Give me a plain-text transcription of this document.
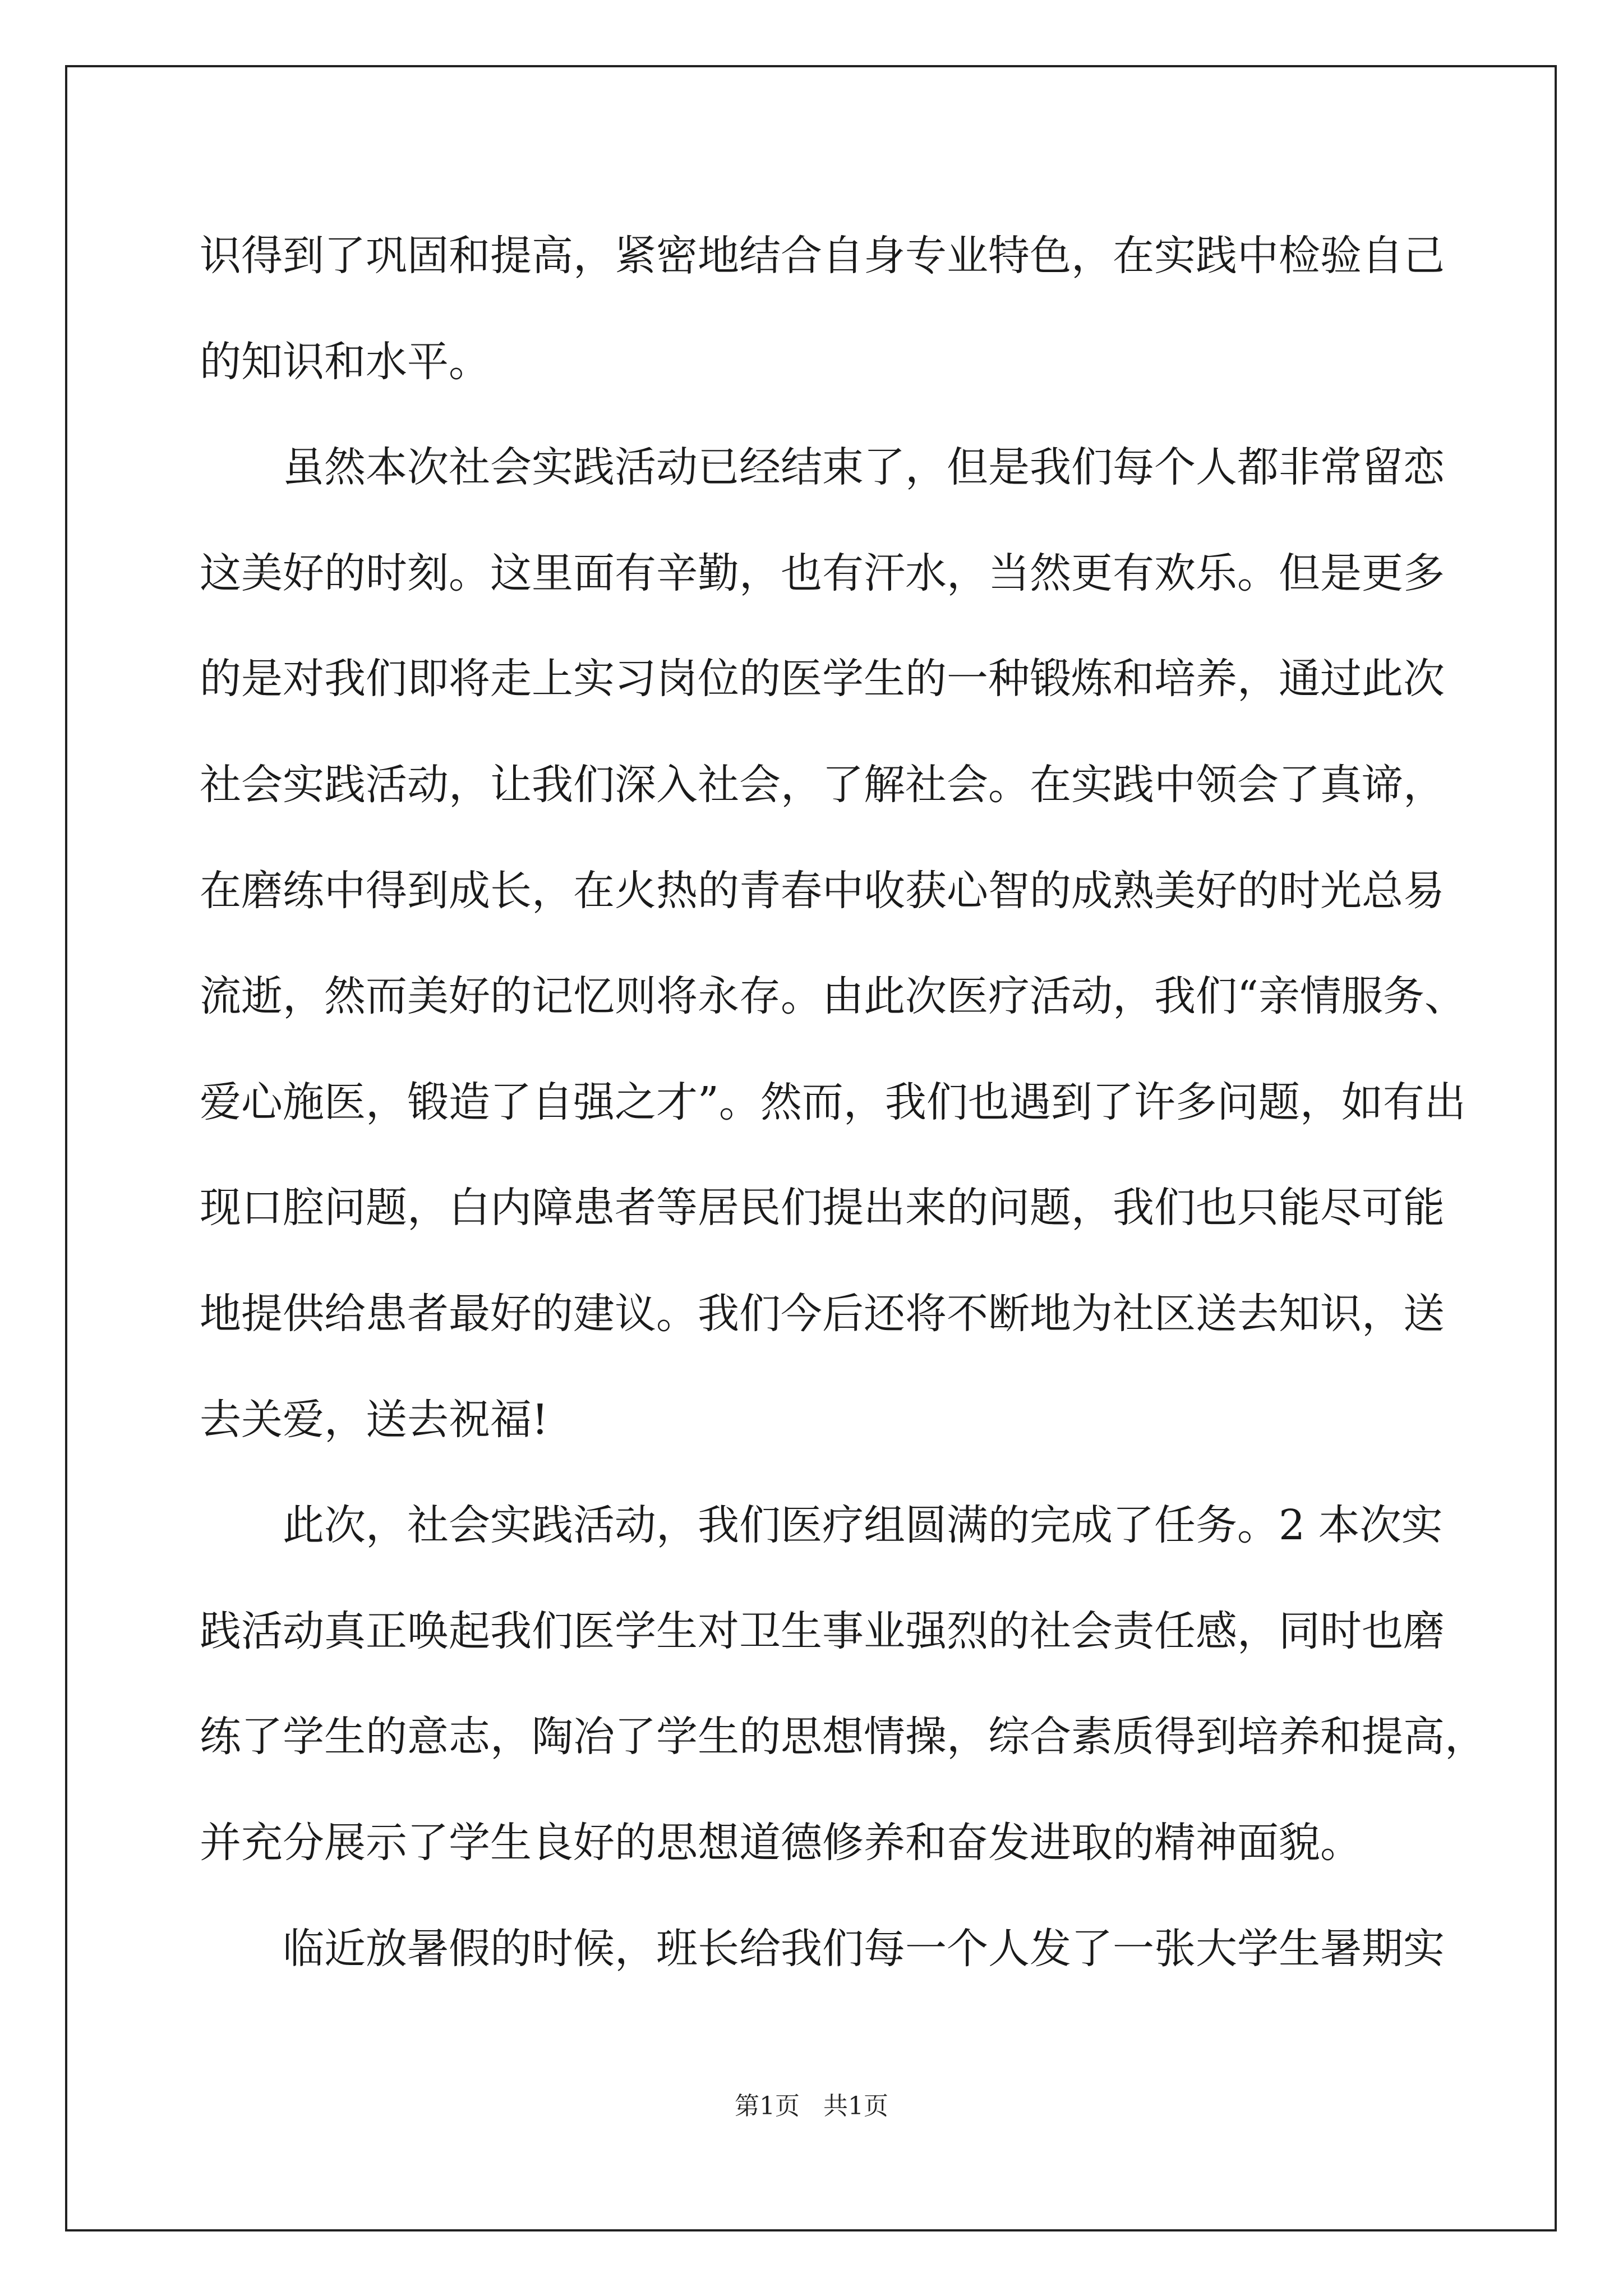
识得到了巩固和提高，紧密地结合自身专业特色，在实践中检验自己
的知识和水平。
虽然本次社会实践活动已经结束了，但是我们每个人都非常留恋
这美好的时刻。这里面有辛勤，也有汗水，当然更有欢乐。但是更多
的是对我们即将走上实习岗位的医学生的一种锻炼和培养，通过此次
社会实践活动，让我们深入社会，了解社会。在实践中领会了真谛，
在磨练中得到成长，在火热的青春中收获心智的成熟美好的时光总易
流逝，然而美好的记忆则将永存。由此次医疗活动，我们“亲情服务、
爱心施医，锻造了自强之才”。然而，我们也遇到了许多问题，如有出
现口腔问题，白内障患者等居民们提出来的问题，我们也只能尽可能
地提供给患者最好的建议。我们今后还将不断地为社区送去知识，送
去关爱，送去祝福!
此次，社会实践活动，我们医疗组圆满的完成了任务。2 本次实
践活动真正唤起我们医学生对卫生事业强烈的社会责任感，同时也磨
练了学生的意志，陶冶了学生的思想情操，综合素质得到培养和提高，
并充分展示了学生良好的思想道德修养和奋发进取的精神面貌。
临近放暑假的时候，班长给我们每一个人发了一张大学生暑期实
第1页   共1页
